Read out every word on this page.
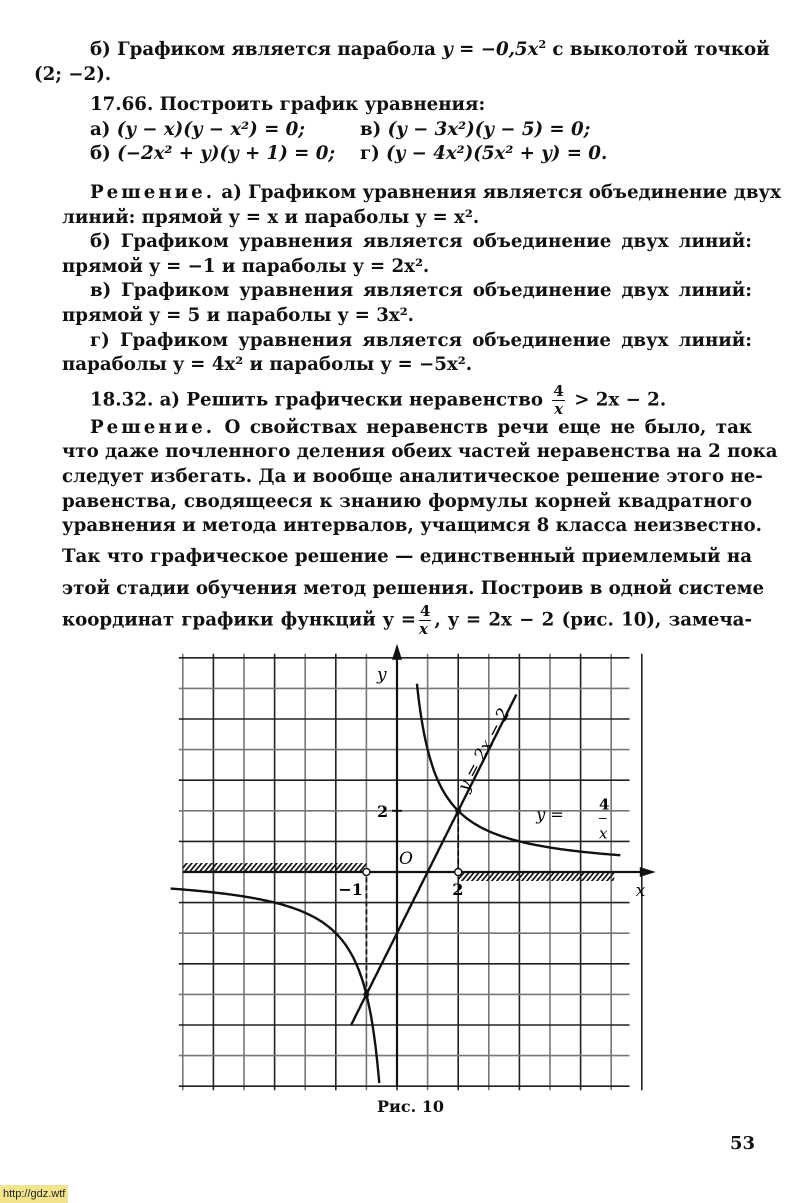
б) Графиком является парабола $y = -0,5x^2$ с выколотой точкой

(2; −2).

17.66. Построить график уравнения:

а) (y − x)(y − x²) = 0;	в) (y − 3x²)(y − 5) = 0;
б) (−2x² + y)(y + 1) = 0;	г) (y − 4x²)(5x² + y) = 0.
Решение. а) Графиком уравнения является объединение двух
линий: прямой y = x и параболы y = x².
б) Графиком уравнения является объединение двух линий:
прямой y = −1 и параболы y = 2x².
в) Графиком уравнения является объединение двух линий:
прямой y = 5 и параболы y = 3x².
г) Графиком уравнения является объединение двух линий:
параболы y = 4x² и параболы y = −5x².
18.32. а) Решить графически неравенство $\frac{4}{x} > 2x - 2$.
Решение. О свойствах неравенств речи еще не было, так
что даже почленного деления обеих частей неравенства на 2 пока
следует избегать. Да и вообще аналитическое решение этого не-
равенства, сводящееся к знанию формулы корней квадратного
уравнения и метода интервалов, учащимся 8 класса неизвестно.
Так что графическое решение — единственный приемлемый на
этой стадии обучения метод решения. Построив в одной системе
координат графики функций $y = \frac{4}{x}$ , y = 2x − 2 (рис. 10), замеча-
y
x
O
−1	2
2
y = 2x − 2
y =
4
x
Рис. 10
53
http://gdz.wtf
